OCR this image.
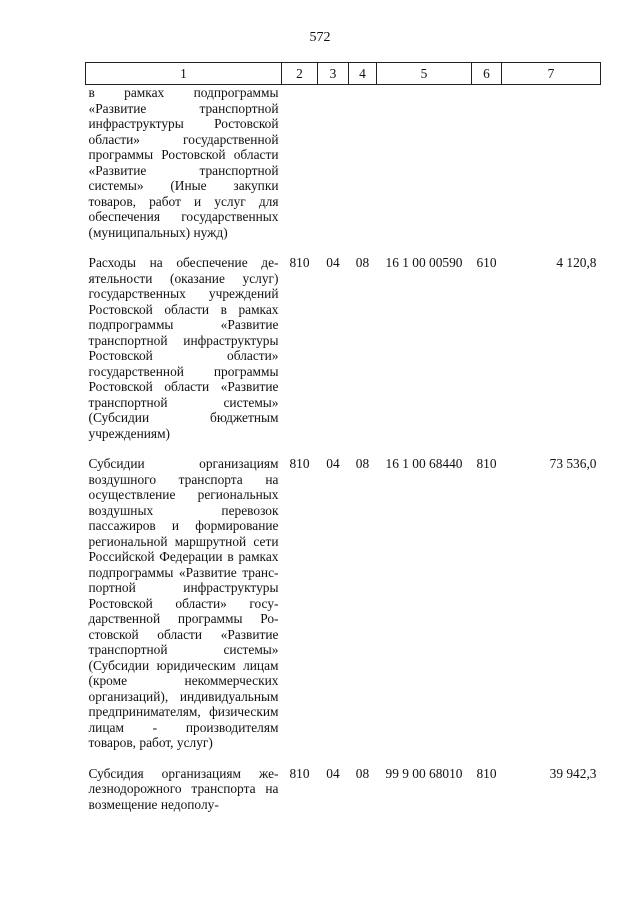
572
1	2	3	4	5	6	7
в рамках подпрограммы «Развитие транспортной инфраструктуры Ростовской области» государственной программы Ростовской области «Развитие транспортной системы» (Иные закупки товаров, работ и услуг для обеспечения государственных (муниципальных) нужд)						
Расходы на обеспечение деятельности (оказание услуг) государственных учреждений Ростовской области в рамках подпрограммы «Развитие транспортной инфраструктуры Ростовской области» государственной программы Ростовской области «Развитие транспортной системы» (Субсидии бюджетным учреждениям)	810	04	08	16 1 00 00590	610	4 120,8
Субсидии организациям воздушного транспорта на осуществление региональных воздушных перевозок пассажиров и формирование региональной маршрутной сети Российской Федерации в рамках подпрограммы «Развитие транспортной инфраструктуры Ростовской области» государственной программы Ростовской области «Развитие транспортной системы» (Субсидии юридическим лицам (кроме некоммерческих организаций), индивидуальным предпринимателям, физическим лицам - производителям товаров, работ, услуг)	810	04	08	16 1 00 68440	810	73 536,0
Субсидия организациям железнодорожного транспорта на возмещение недополу-	810	04	08	99 9 00 68010	810	39 942,3
